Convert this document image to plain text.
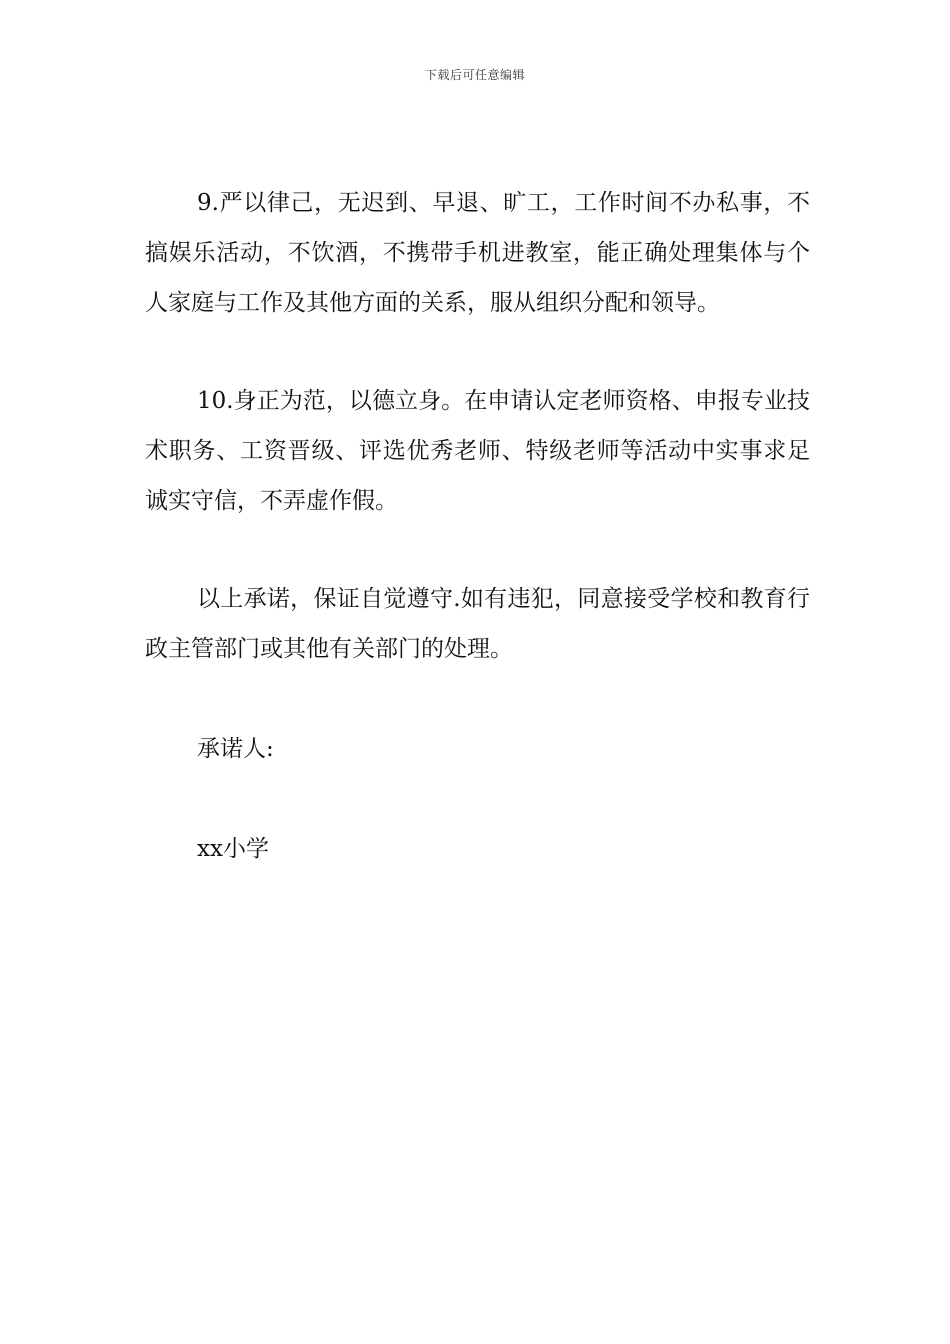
下载后可任意编辑

9.严以律己，无迟到、早退、旷工，工作时间不办私事，不搞娱乐活动，不饮酒，不携带手机进教室，能正确处理集体与个人家庭与工作及其他方面的关系，服从组织分配和领导。

10.身正为范，以德立身。在申请认定老师资格、申报专业技术职务、工资晋级、评选优秀老师、特级老师等活动中实事求足诚实守信，不弄虚作假。

以上承诺，保证自觉遵守.如有违犯，同意接受学校和教育行政主管部门或其他有关部门的处理。

承诺人:

xx小学
